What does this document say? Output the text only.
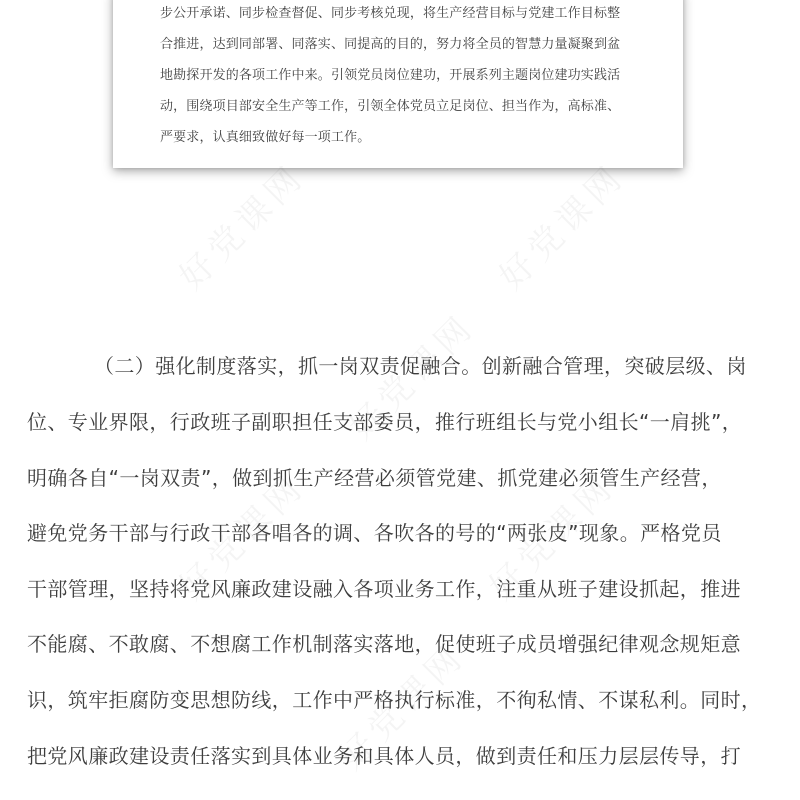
步公开承诺、同步检查督促、同步考核兑现，将生产经营目标与党建工作目标整
合推进，达到同部署、同落实、同提高的目的，努力将全员的智慧力量凝聚到盆
地勘探开发的各项工作中来。引领党员岗位建功，开展系列主题岗位建功实践活
动，围绕项目部安全生产等工作，引领全体党员立足岗位、担当作为，高标准、
严要求，认真细致做好每一项工作。
（二）强化制度落实，抓一岗双责促融合。创新融合管理，突破层级、岗
位、专业界限，行政班子副职担任支部委员，推行班组长与党小组长“一肩挑”，
明确各自“一岗双责”，做到抓生产经营必须管党建、抓党建必须管生产经营，
避免党务干部与行政干部各唱各的调、各吹各的号的“两张皮”现象。严格党员
干部管理，坚持将党风廉政建设融入各项业务工作，注重从班子建设抓起，推进
不能腐、不敢腐、不想腐工作机制落实落地，促使班子成员增强纪律观念规矩意
识，筑牢拒腐防变思想防线，工作中严格执行标准，不徇私情、不谋私利。同时，
把党风廉政建设责任落实到具体业务和具体人员，做到责任和压力层层传导，打
